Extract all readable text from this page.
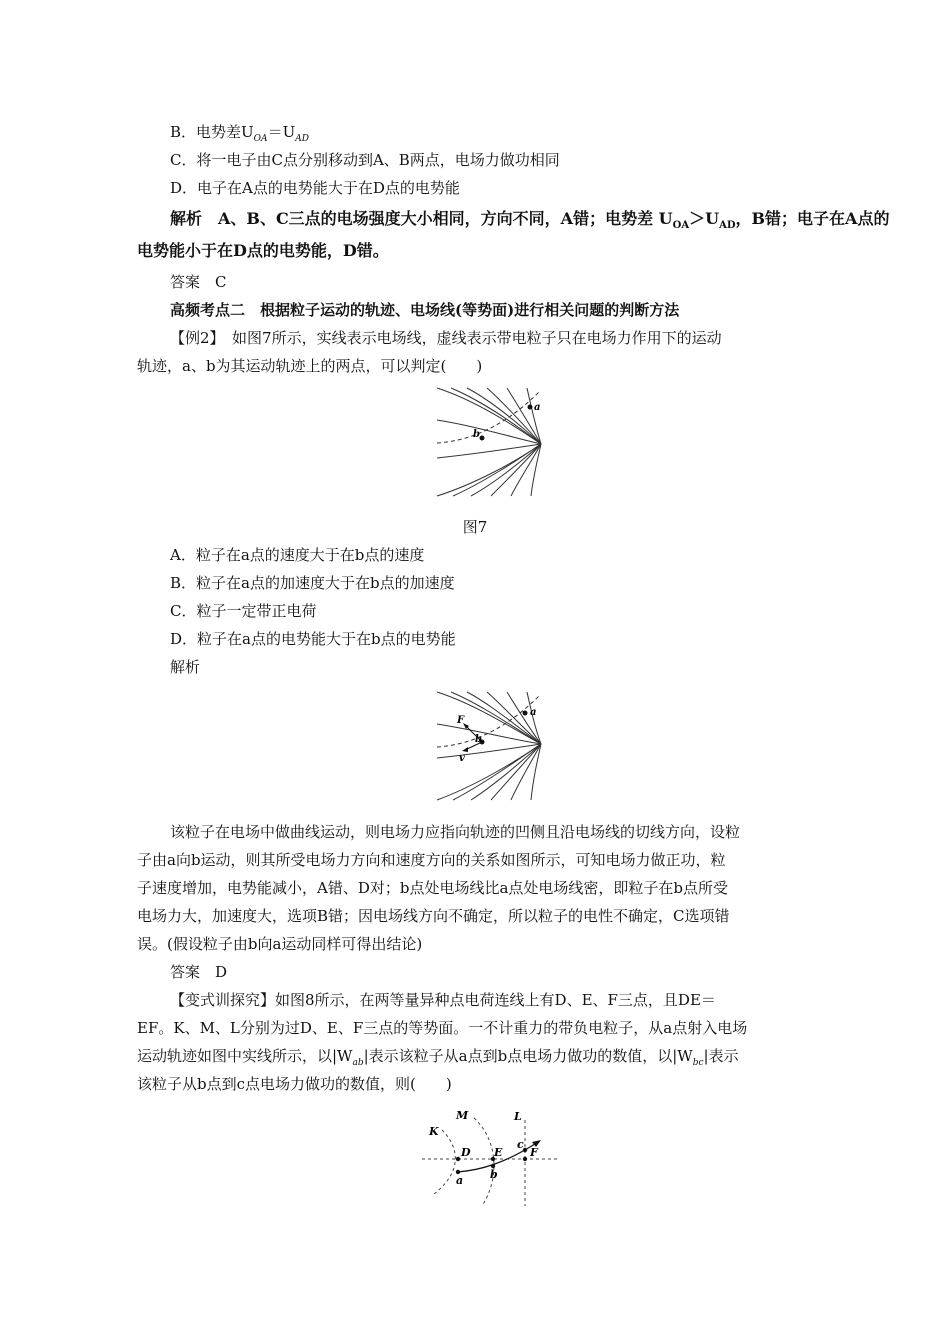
B．电势差$U_{OA}=U_{AD}$
C．将一电子由C点分别移动到A、B两点，电场力做功相同
D．电子在A点的电势能大于在D点的电势能
解析　A、B、C三点的电场强度大小相同，方向不同，A错；电势差 $U_{OA}>U_{AD}$，B错；电子在A点的
电势能小于在D点的电势能，D错。
答案　C
高频考点二　根据粒子运动的轨迹、电场线(等势面)进行相关问题的判断方法
【例2】　如图7所示，实线表示电场线，虚线表示带电粒子只在电场力作用下的运动
轨迹，a、b为其运动轨迹上的两点，可以判定(　　)
a
b
图7
A．粒子在a点的速度大于在b点的速度
B．粒子在a点的加速度大于在b点的加速度
C．粒子一定带正电荷
D．粒子在a点的电势能大于在b点的电势能
解析
F
a
b
v
该粒子在电场中做曲线运动，则电场力应指向轨迹的凹侧且沿电场线的切线方向，设粒
子由a向b运动，则其所受电场力方向和速度方向的关系如图所示，可知电场力做正功，粒
子速度增加，电势能减小，A错、D对；b点处电场线比a点处电场线密，即粒子在b点所受
电场力大，加速度大，选项B错；因电场线方向不确定，所以粒子的电性不确定，C选项错
误。(假设粒子由b向a运动同样可得出结论)
答案　D
【变式训探究】如图8所示，在两等量异种点电荷连线上有D、E、F三点，且DE＝
EF。K、M、L分别为过D、E、F三点的等势面。一不计重力的带负电粒子，从a点射入电场
运动轨迹如图中实线所示，以$|W_{ab}|$表示该粒子从a点到b点电场力做功的数值，以$|W_{bc}|$表示
该粒子从b点到c点电场力做功的数值，则(　　)
K
M	L
D E
c
F
a b
